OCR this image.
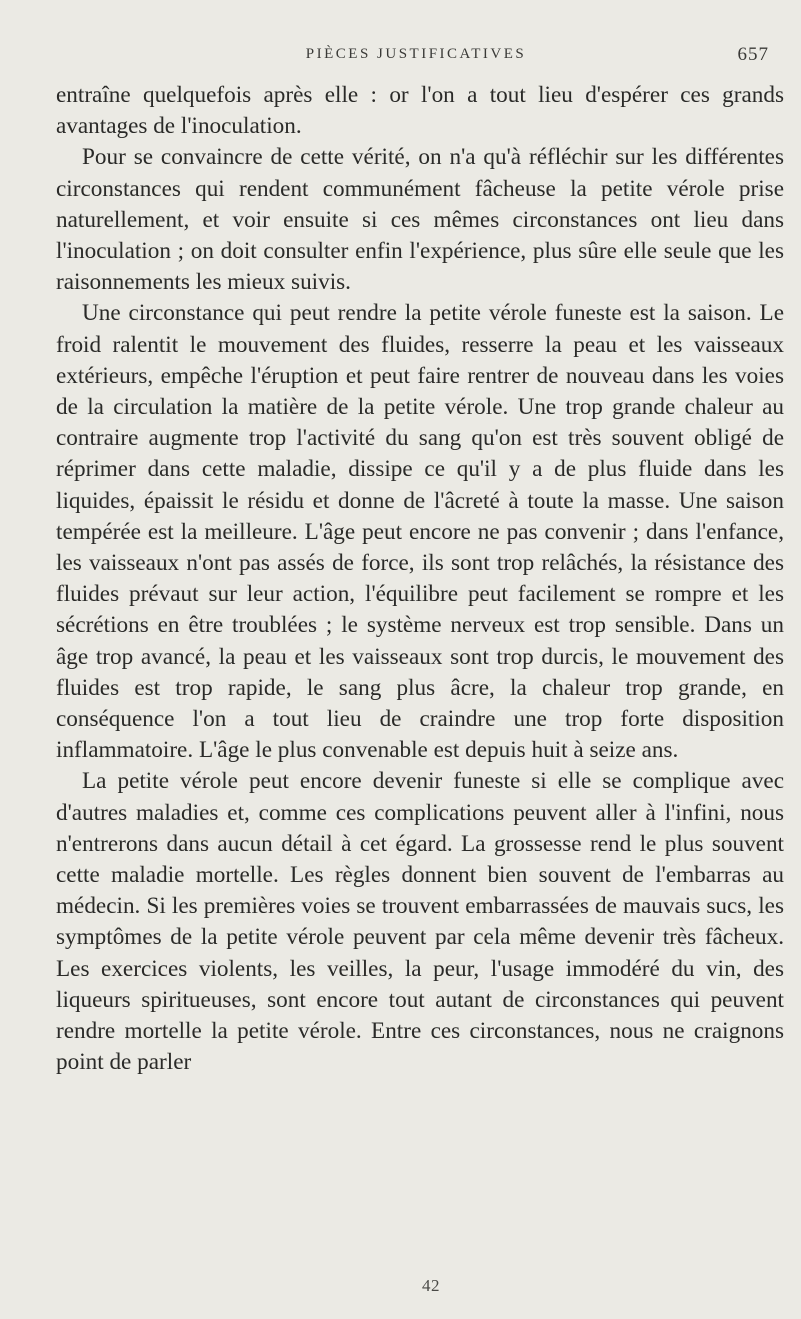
PIÈCES JUSTIFICATIVES	657

entraîne quelquefois après elle : or l'on a tout lieu d'espérer ces grands avantages de l'inoculation.

Pour se convaincre de cette vérité, on n'a qu'à réfléchir sur les différentes circonstances qui rendent communément fâcheuse la petite vérole prise naturellement, et voir ensuite si ces mêmes circonstances ont lieu dans l'inoculation ; on doit consulter enfin l'expérience, plus sûre elle seule que les raisonnements les mieux suivis.

Une circonstance qui peut rendre la petite vérole funeste est la saison. Le froid ralentit le mouvement des fluides, resserre la peau et les vaisseaux extérieurs, empêche l'éruption et peut faire rentrer de nouveau dans les voies de la circulation la matière de la petite vérole. Une trop grande chaleur au contraire augmente trop l'activité du sang qu'on est très souvent obligé de réprimer dans cette maladie, dissipe ce qu'il y a de plus fluide dans les liquides, épaissit le résidu et donne de l'âcreté à toute la masse. Une saison tempérée est la meilleure. L'âge peut encore ne pas convenir ; dans l'enfance, les vaisseaux n'ont pas assés de force, ils sont trop relâchés, la résistance des fluides prévaut sur leur action, l'équilibre peut facilement se rompre et les sécrétions en être troublées ; le système nerveux est trop sensible. Dans un âge trop avancé, la peau et les vaisseaux sont trop durcis, le mouvement des fluides est trop rapide, le sang plus âcre, la chaleur trop grande, en conséquence l'on a tout lieu de craindre une trop forte disposition inflammatoire. L'âge le plus convenable est depuis huit à seize ans.

La petite vérole peut encore devenir funeste si elle se complique avec d'autres maladies et, comme ces complications peuvent aller à l'infini, nous n'entrerons dans aucun détail à cet égard. La grossesse rend le plus souvent cette maladie mortelle. Les règles donnent bien souvent de l'embarras au médecin. Si les premières voies se trouvent embarrassées de mauvais sucs, les symptômes de la petite vérole peuvent par cela même devenir très fâcheux. Les exercices violents, les veilles, la peur, l'usage immodéré du vin, des liqueurs spiritueuses, sont encore tout autant de circonstances qui peuvent rendre mortelle la petite vérole. Entre ces circonstances, nous ne craignons point de parler

42
